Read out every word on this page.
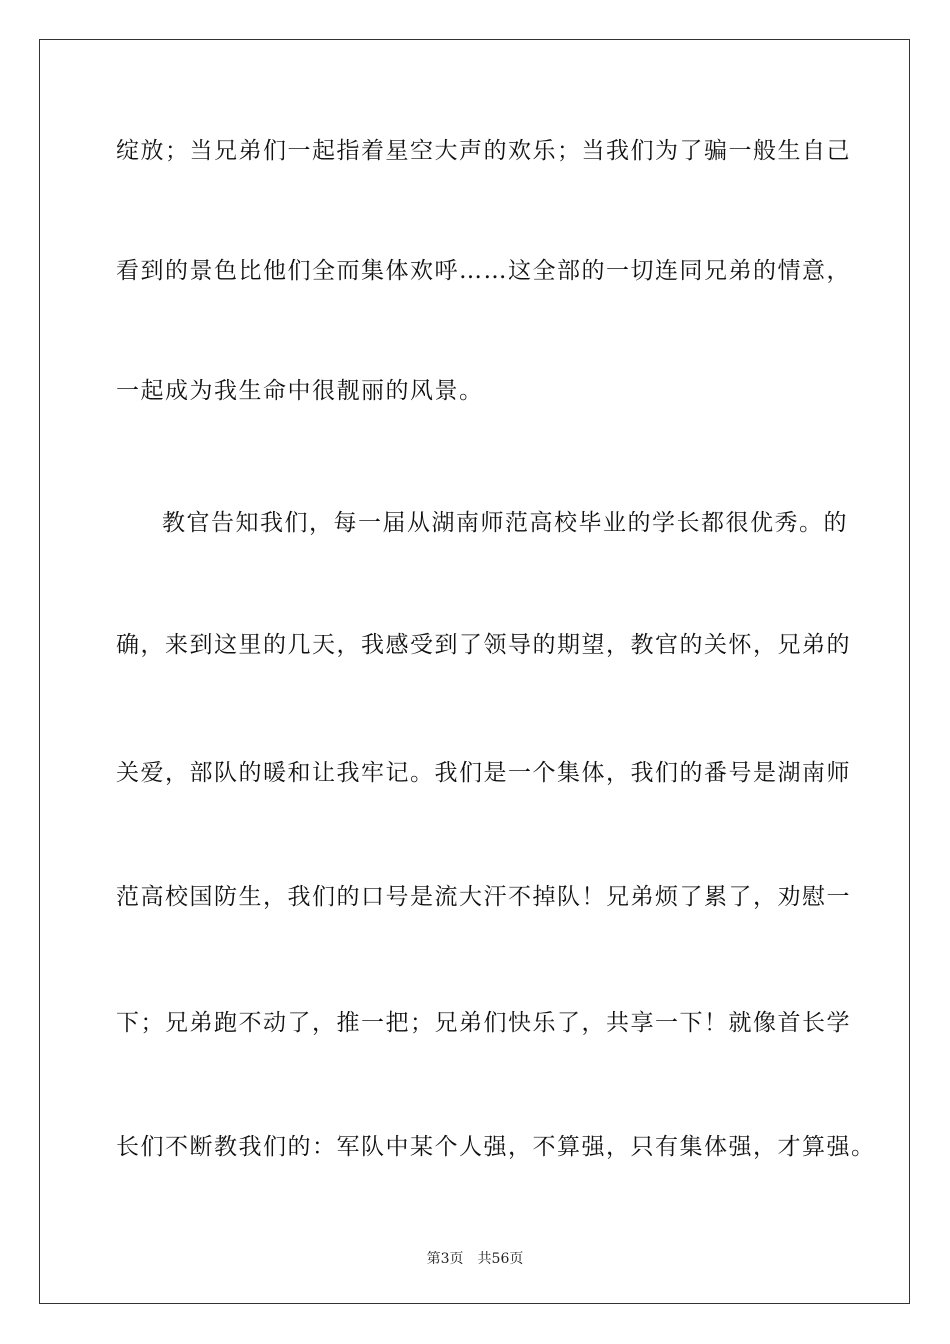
绽放；当兄弟们一起指着星空大声的欢乐；当我们为了骗一般生自己
看到的景色比他们全而集体欢呼……这全部的一切连同兄弟的情意，
一起成为我生命中很靓丽的风景。
教官告知我们，每一届从湖南师范高校毕业的学长都很优秀。的
确，来到这里的几天，我感受到了领导的期望，教官的关怀，兄弟的
关爱，部队的暖和让我牢记。我们是一个集体，我们的番号是湖南师
范高校国防生，我们的口号是流大汗不掉队！兄弟烦了累了，劝慰一
下；兄弟跑不动了，推一把；兄弟们快乐了，共享一下！就像首长学
长们不断教我们的：军队中某个人强，不算强，只有集体强，才算强。
第3页 共56页
